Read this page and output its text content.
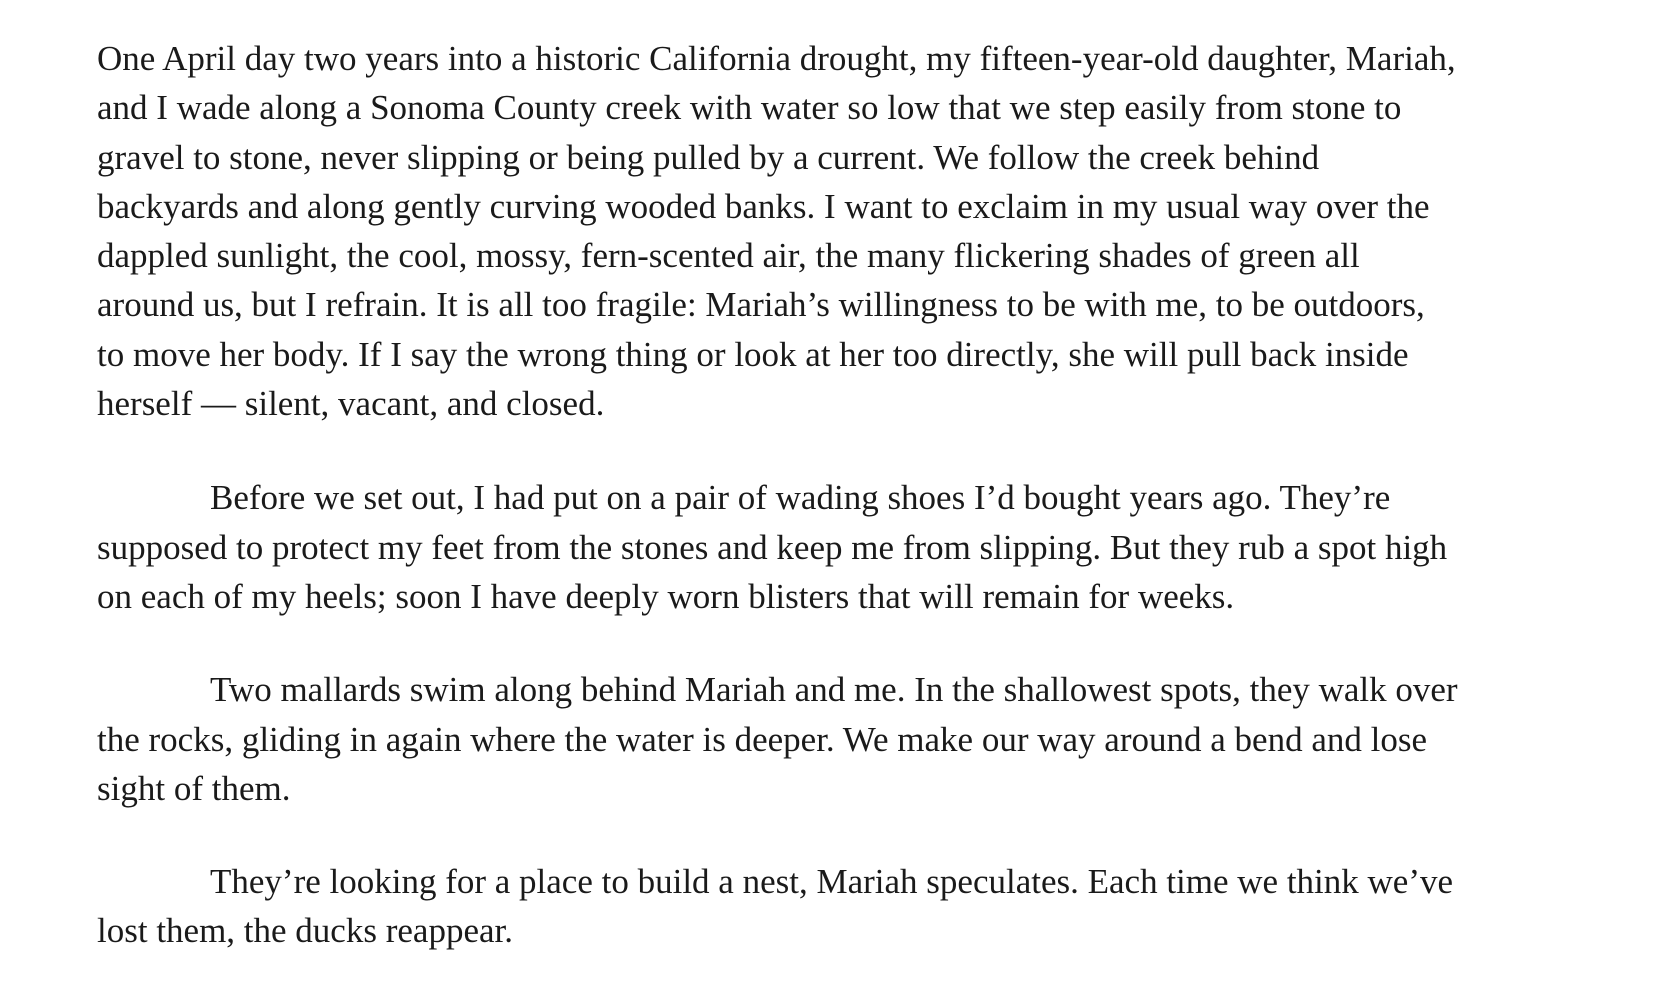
One April day two years into a historic California drought, my fifteen-year-old daughter, Mariah,
and I wade along a Sonoma County creek with water so low that we step easily from stone to
gravel to stone, never slipping or being pulled by a current. We follow the creek behind
backyards and along gently curving wooded banks. I want to exclaim in my usual way over the
dappled sunlight, the cool, mossy, fern-scented air, the many flickering shades of green all
around us, but I refrain. It is all too fragile: Mariah’s willingness to be with me, to be outdoors,
to move her body. If I say the wrong thing or look at her too directly, she will pull back inside
herself — silent, vacant, and closed.

Before we set out, I had put on a pair of wading shoes I’d bought years ago. They’re
supposed to protect my feet from the stones and keep me from slipping. But they rub a spot high
on each of my heels; soon I have deeply worn blisters that will remain for weeks.

Two mallards swim along behind Mariah and me. In the shallowest spots, they walk over
the rocks, gliding in again where the water is deeper. We make our way around a bend and lose
sight of them.

They’re looking for a place to build a nest, Mariah speculates. Each time we think we’ve
lost them, the ducks reappear.
